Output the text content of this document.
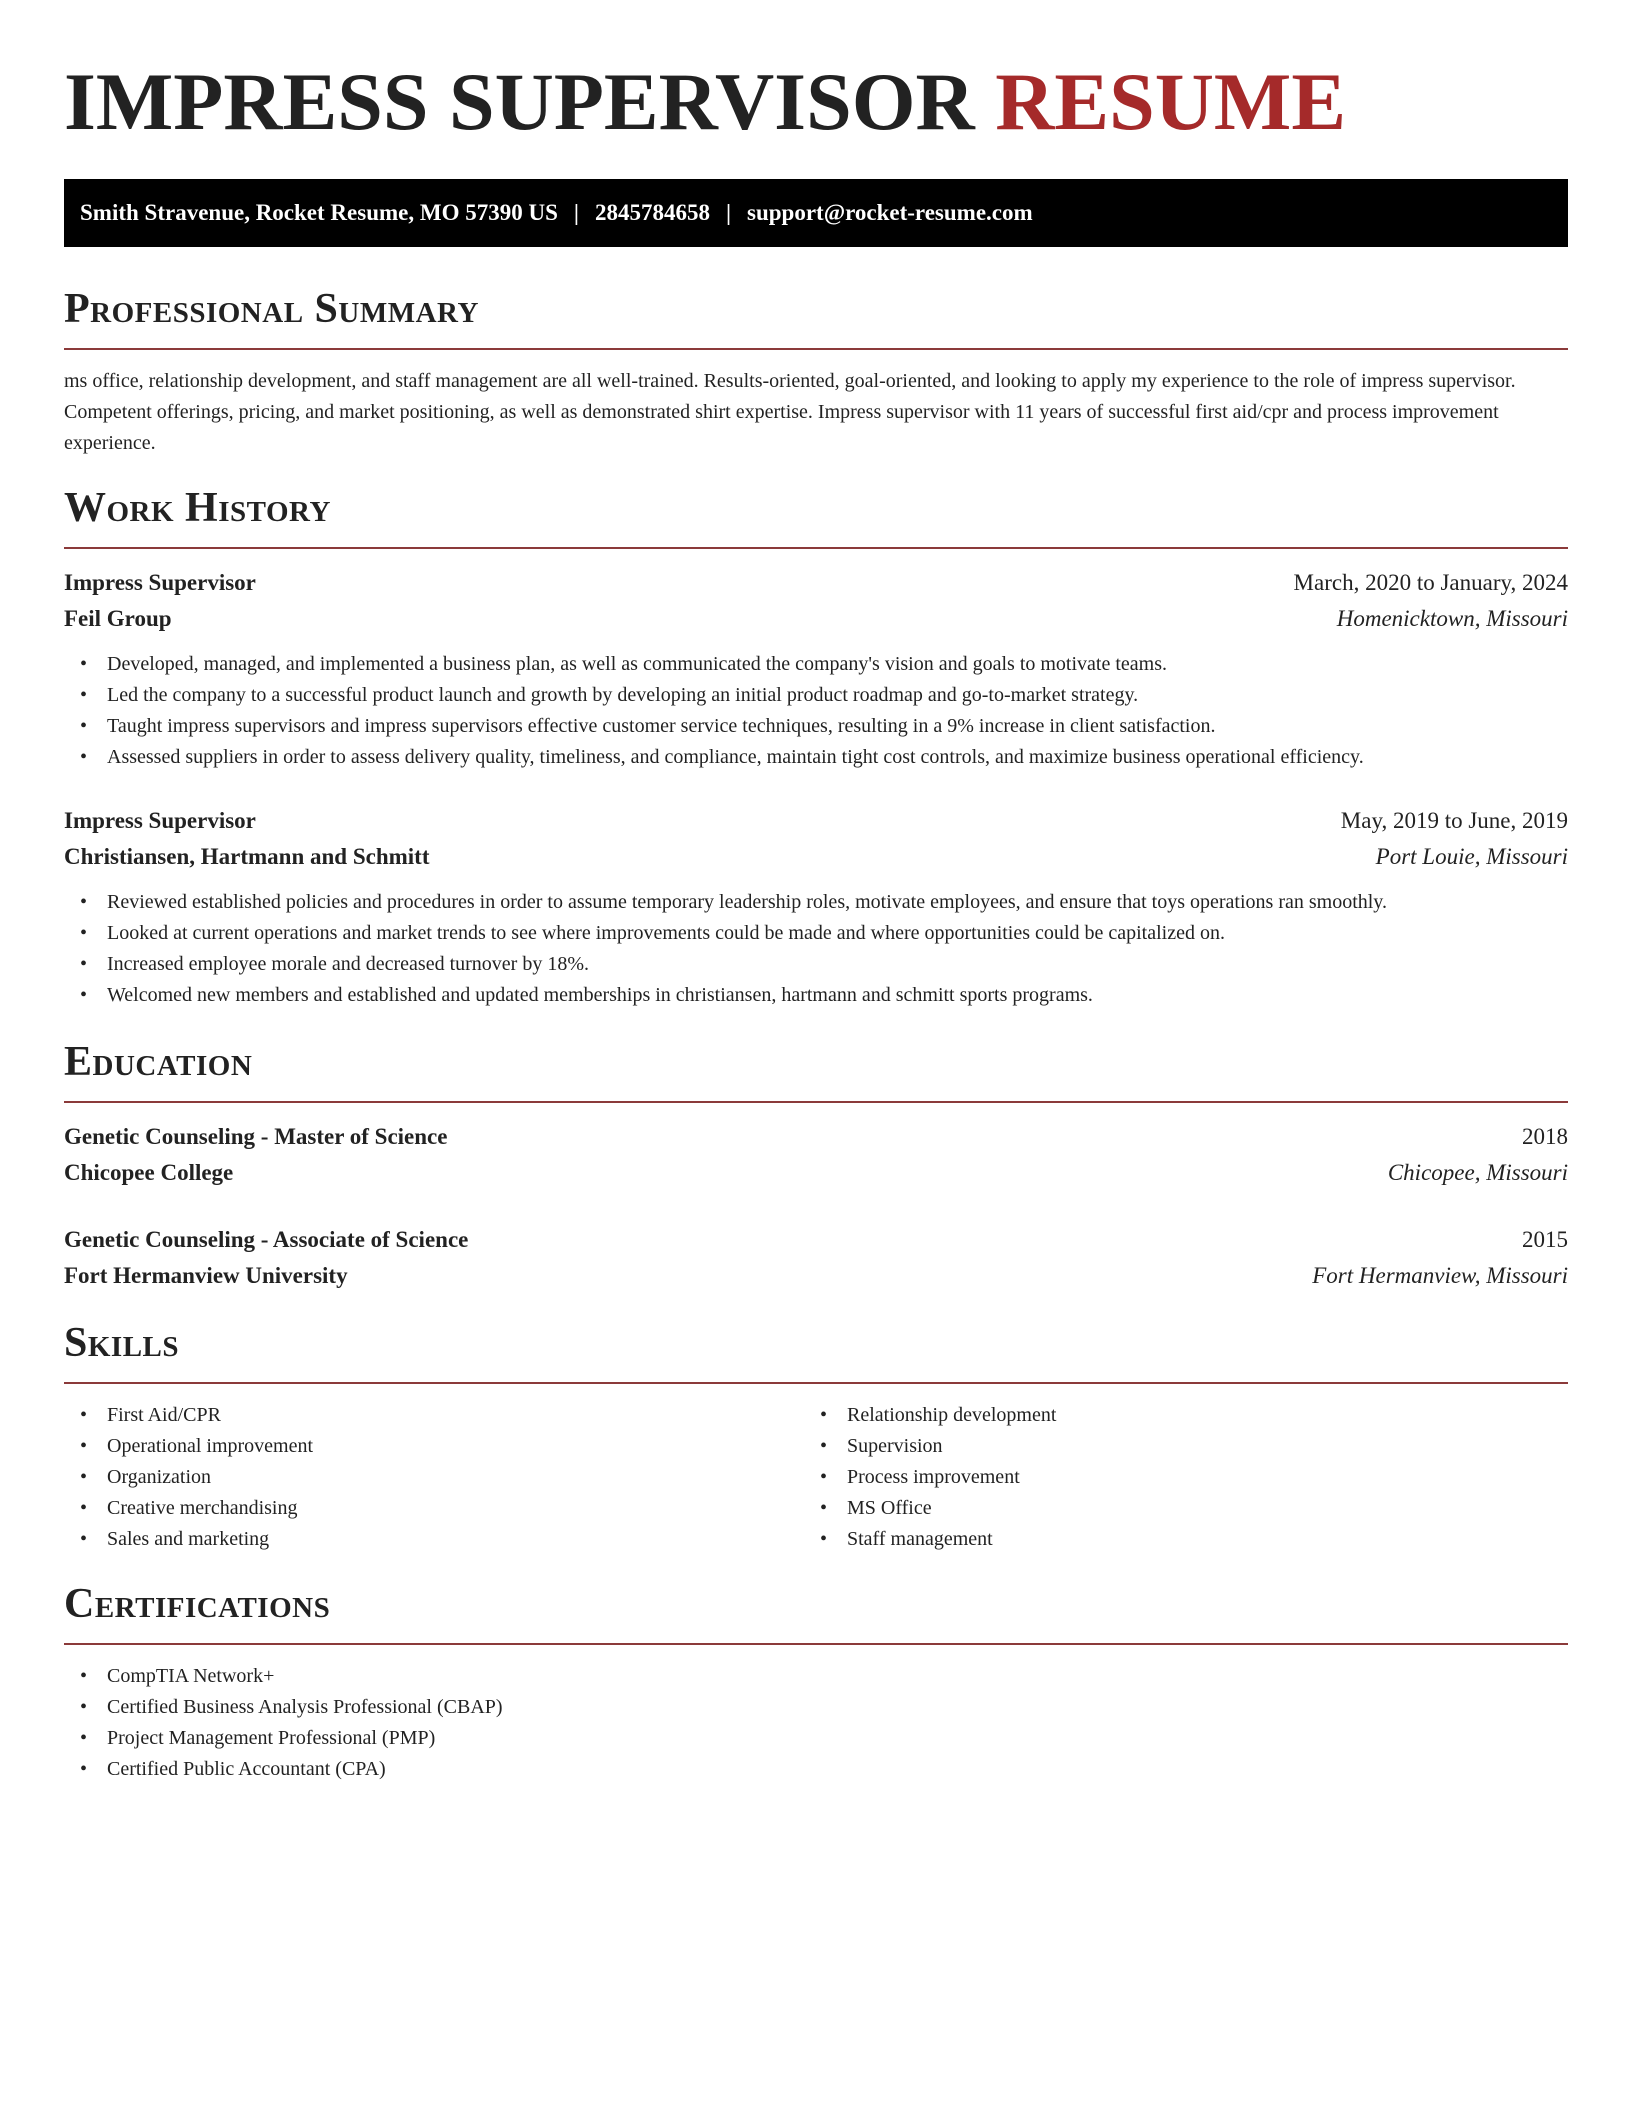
IMPRESS SUPERVISOR RESUME
Smith Stravenue, Rocket Resume, MO 57390 US | 2845784658 | support@rocket-resume.com
Professional Summary
ms office, relationship development, and staff management are all well-trained. Results-oriented, goal-oriented, and looking to apply my experience to the role of impress supervisor. Competent offerings, pricing, and market positioning, as well as demonstrated shirt expertise. Impress supervisor with 11 years of successful first aid/cpr and process improvement experience.
Work History
Impress Supervisor	March, 2020 to January, 2024
Feil Group	Homenicktown, Missouri
• Developed, managed, and implemented a business plan, as well as communicated the company's vision and goals to motivate teams.
• Led the company to a successful product launch and growth by developing an initial product roadmap and go-to-market strategy.
• Taught impress supervisors and impress supervisors effective customer service techniques, resulting in a 9% increase in client satisfaction.
• Assessed suppliers in order to assess delivery quality, timeliness, and compliance, maintain tight cost controls, and maximize business operational efficiency.
Impress Supervisor	May, 2019 to June, 2019
Christiansen, Hartmann and Schmitt	Port Louie, Missouri
• Reviewed established policies and procedures in order to assume temporary leadership roles, motivate employees, and ensure that toys operations ran smoothly.
• Looked at current operations and market trends to see where improvements could be made and where opportunities could be capitalized on.
• Increased employee morale and decreased turnover by 18%.
• Welcomed new members and established and updated memberships in christiansen, hartmann and schmitt sports programs.
Education
Genetic Counseling - Master of Science	2018
Chicopee College	Chicopee, Missouri
Genetic Counseling - Associate of Science	2015
Fort Hermanview University	Fort Hermanview, Missouri
Skills
• First Aid/CPR
• Operational improvement
• Organization
• Creative merchandising
• Sales and marketing
• Relationship development
• Supervision
• Process improvement
• MS Office
• Staff management
Certifications
• CompTIA Network+
• Certified Business Analysis Professional (CBAP)
• Project Management Professional (PMP)
• Certified Public Accountant (CPA)
